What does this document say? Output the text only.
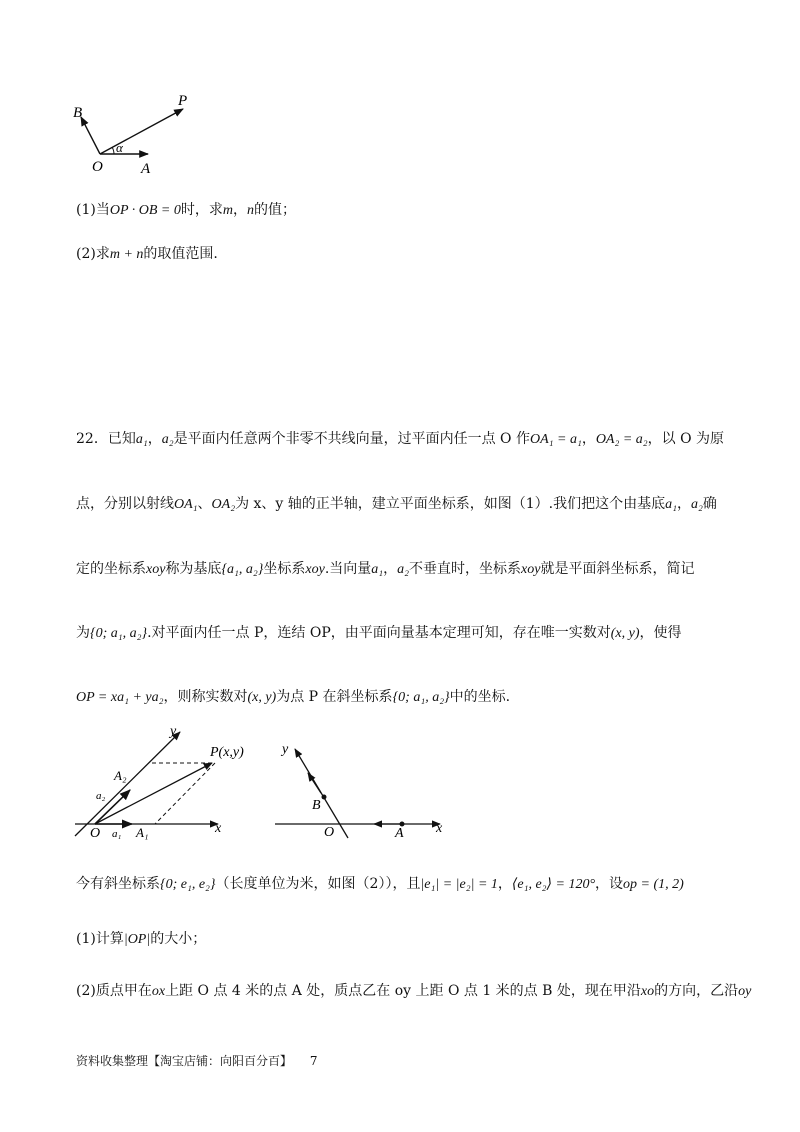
B
P
O	A
α
(1)当OP · OB = 0时，求m，n的值；
(2)求m + n的取值范围.
22．已知a₁，a₂是平面内任意两个非零不共线向量，过平面内任一点 O 作OA₁ = a₁，OA₂ = a₂，以 O 为原
点，分别以射线OA₁、OA₂为 x、y 轴的正半轴，建立平面坐标系，如图（1）.我们把这个由基底a₁，a₂确
定的坐标系xoy称为基底{a₁, a₂}坐标系xoy.当向量a₁，a₂不垂直时，坐标系xoy就是平面斜坐标系，简记
为{0; a₁, a₂}.对平面内任一点 P，连结 OP，由平面向量基本定理可知，存在唯一实数对(x, y)，使得
OP = xa₁ + ya₂，则称实数对(x, y)为点 P 在斜坐标系{0; a₁, a₂}中的坐标.
y
P(x,y)
A₂
a₂
O a₁ A₁	x
y
B
O	A x
今有斜坐标系{0; e₁, e₂}（长度单位为米，如图（2）），且|e₁| = |e₂| = 1，⟨e₁, e₂⟩ = 120°，设op = (1, 2)
(1)计算|OP|的大小；
(2)质点甲在ox上距 O 点 4 米的点 A 处，质点乙在 oy 上距 O 点 1 米的点 B 处，现在甲沿xo的方向，乙沿oy
资料收集整理【淘宝店铺：向阳百分百】 7
